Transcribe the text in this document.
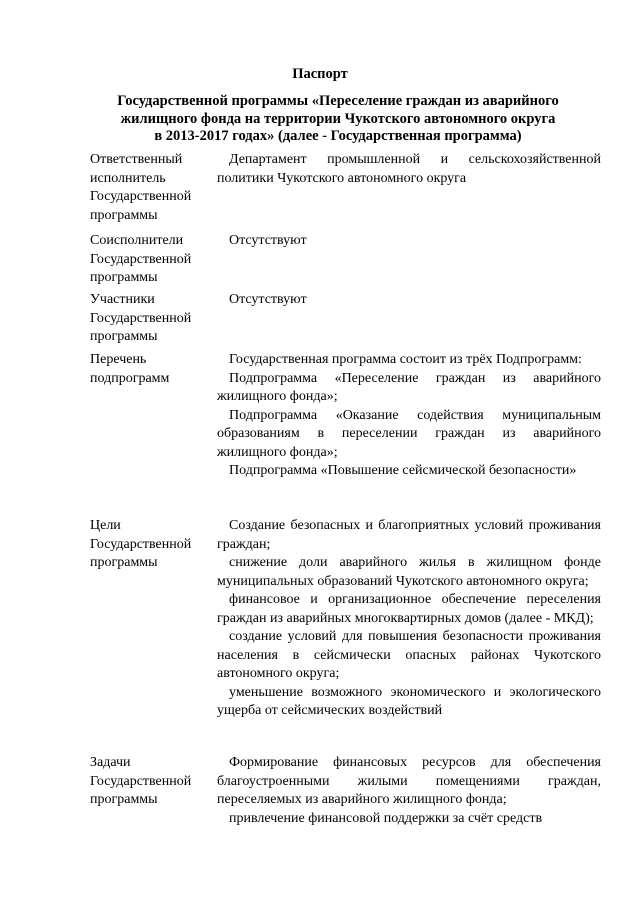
Паспорт
Государственной программы «Переселение граждан из аварийного
жилищного фонда на территории Чукотского автономного округа
в 2013-2017 годах» (далее - Государственная программа)
Ответственный
исполнитель
Государственной
программы

Департамент промышленной и сельскохозяйственной политики Чукотского автономного округа

Соисполнители
Государственной
программы

Отсутствуют

Участники
Государственной
программы

Отсутствуют

Перечень
подпрограмм

Государственная программа состоит из трёх Подпрограмм:

Подпрограмма «Переселение граждан из аварийного жилищного фонда»;

Подпрограмма «Оказание содействия муниципальным образованиям в переселении граждан из аварийного жилищного фонда»;

Подпрограмма «Повышение сейсмической безопасности»

Цели
Государственной
программы

Создание безопасных и благоприятных условий проживания граждан;

снижение доли аварийного жилья в жилищном фонде муниципальных образований Чукотского автономного округа;

финансовое и организационное обеспечение переселения граждан из аварийных многоквартирных домов (далее - МКД);

создание условий для повышения безопасности проживания населения в сейсмически опасных районах Чукотского автономного округа;

уменьшение возможного экономического и экологического ущерба от сейсмических воздействий

Задачи
Государственной
программы

Формирование финансовых ресурсов для обеспечения благоустроенными жилыми помещениями граждан, переселяемых из аварийного жилищного фонда;

привлечение финансовой поддержки за счёт средств
